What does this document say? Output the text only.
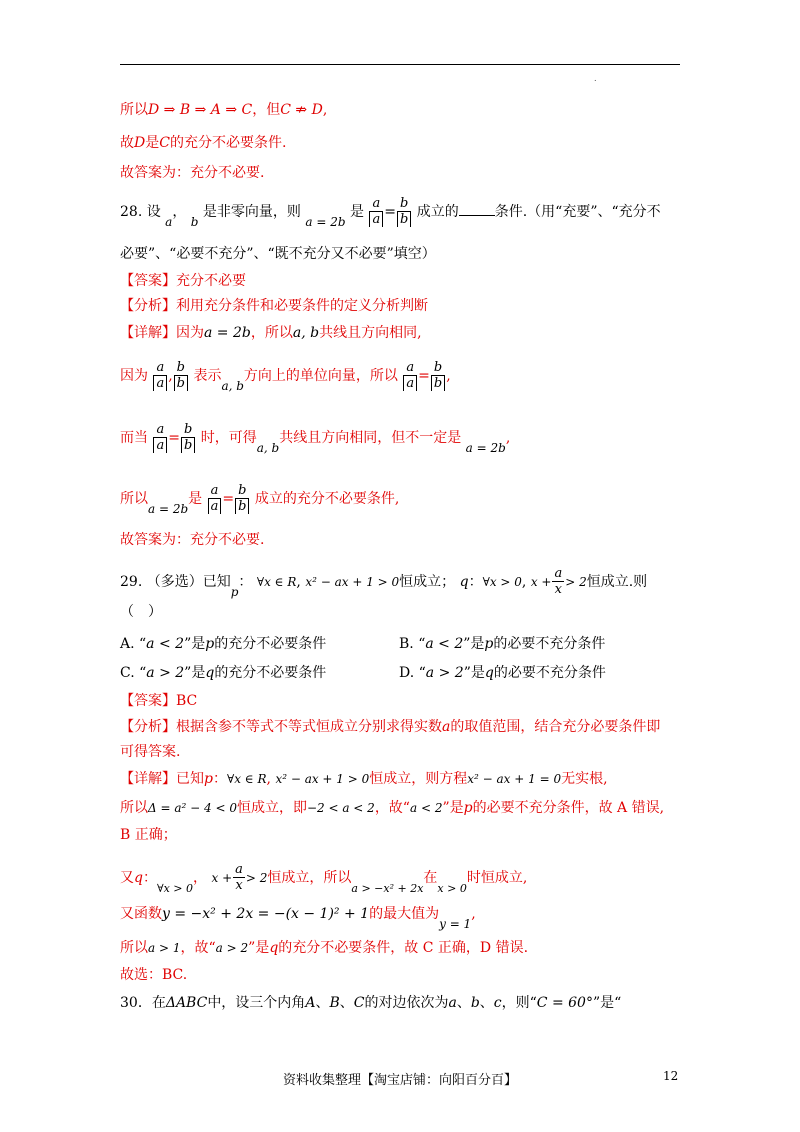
.
所以D ⇒ B ⇒ A ⇒ C，但C ⇏ D,
故D是C的充分不必要条件.
故答案为：充分不必要.
28. 设 a， b 是非零向量，则 a = 2b 是 $\frac{a}{a} = \frac{b}{b}$ 成立的	条件.（用“充要”、“充分不
必要”、“必要不充分”、“既不充分又不必要”填空）
【答案】充分不必要
【分析】利用充分条件和必要条件的定义分析判断
【详解】因为a = 2b，所以a, b共线且方向相同,
因为 $\frac{a}{a}$ , $\frac{b}{b}$ 表示a, b方向上的单位向量，所以 $\frac{a}{a} = \frac{b}{b}$ ,
而当 $\frac{a}{a} = \frac{b}{b}$ 时，可得a, b共线且方向相同，但不一定是 a = 2b,
所以a = 2b是 $\frac{a}{a} = \frac{b}{b}$ 成立的充分不必要条件,
故答案为：充分不必要.
29. （多选）已知p： ∀x ∈ R, x² − ax + 1 > 0恒成立； q：∀x > 0, $x + \frac{a}{x} > 2$恒成立.则
（　）
A. “a < 2”是p的充分不必要条件	B. “a < 2”是p的必要不充分条件
C. “a > 2”是q的充分不必要条件	D. “a > 2”是q的必要不充分条件
【答案】BC
【分析】根据含参不等式不等式恒成立分别求得实数a的取值范围，结合充分必要条件即
可得答案.
【详解】已知p：∀x ∈ R, x² − ax + 1 > 0恒成立，则方程x² − ax + 1 = 0无实根,
所以Δ = a² − 4 < 0恒成立，即−2 < a < 2，故“a < 2”是p的必要不充分条件，故 A 错误,
B 正确；
又q：$_{\forall x > 0}$， $x + \frac{a}{x} > 2$恒成立，所以$_{a > -x^2 + 2x}$在$_{x > 0}$时恒成立,
又函数y = −x² + 2x = −(x − 1)² + 1的最大值为y = 1,
所以a > 1，故“a > 2”是q的充分不必要条件，故 C 正确，D 错误.
故选：BC.
30．在ΔABC中，设三个内角A、B、C的对边依次为a、b、c，则“C = 60°”是“
资料收集整理【淘宝店铺：向阳百分百】	12
